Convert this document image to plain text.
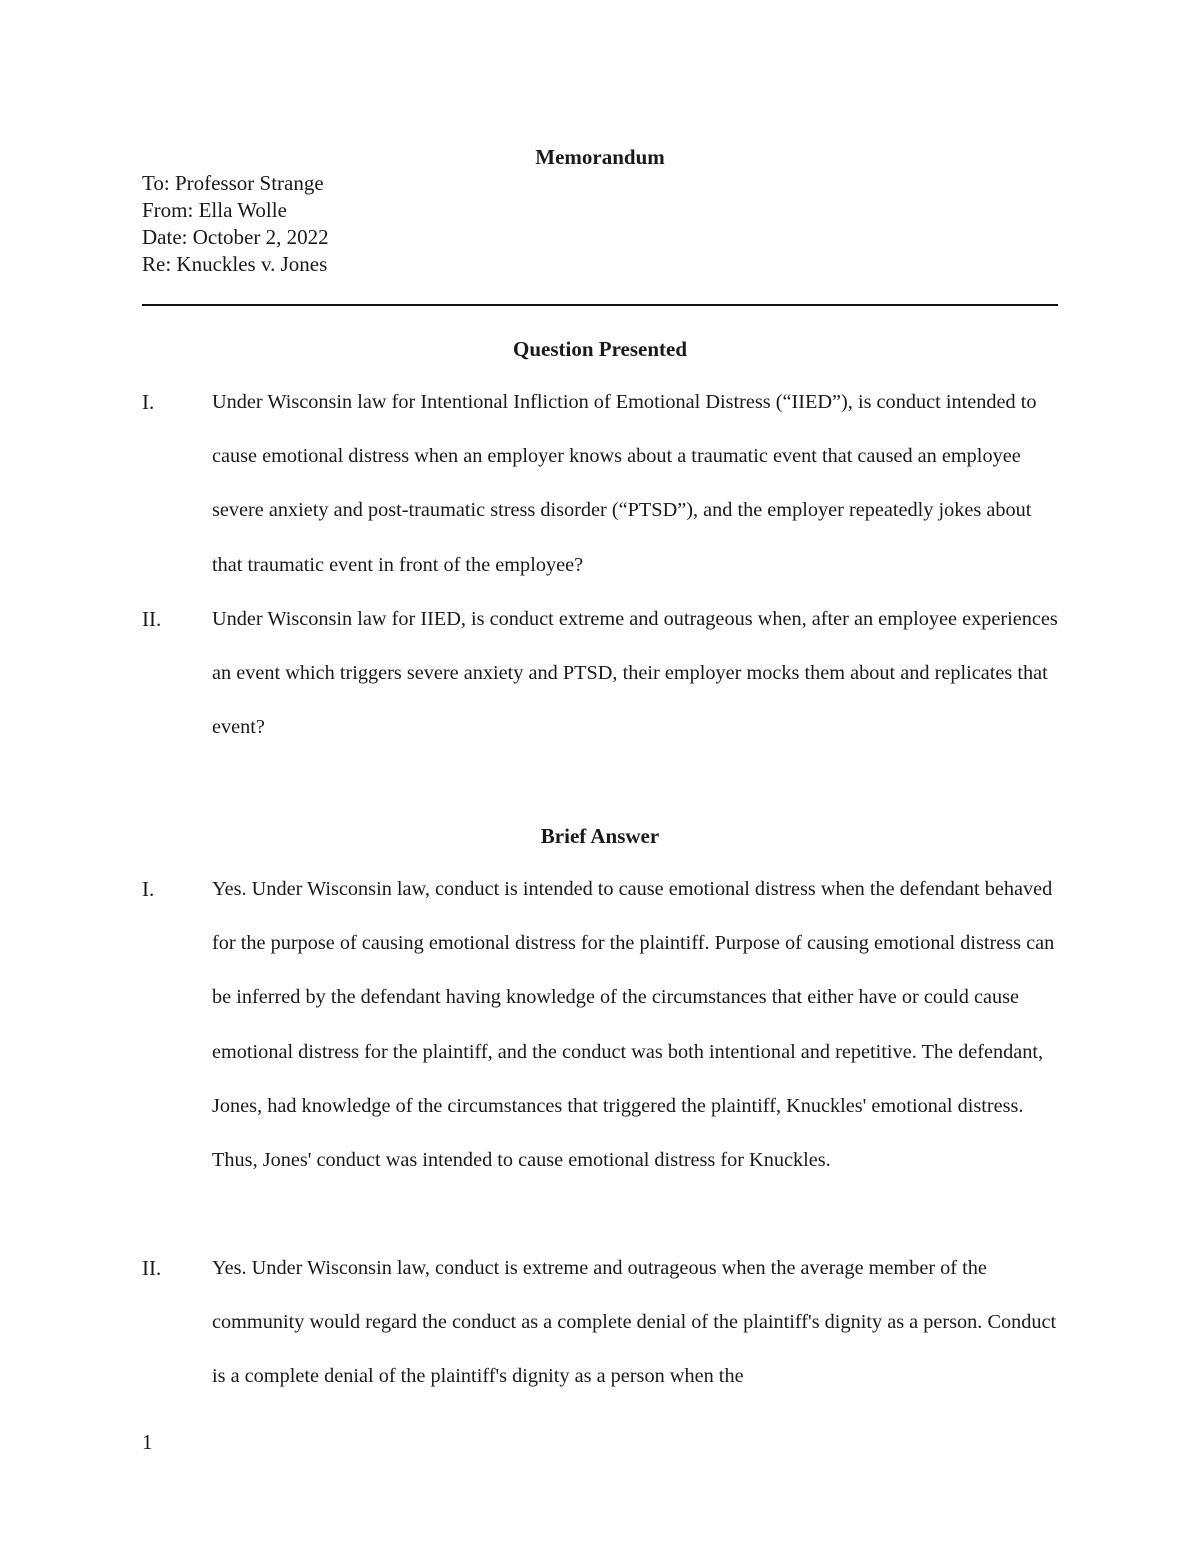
Memorandum
To: Professor Strange
From: Ella Wolle
Date: October 2, 2022
Re: Knuckles v. Jones
Question Presented
I.	Under Wisconsin law for Intentional Infliction of Emotional Distress (“IIED”), is conduct intended to cause emotional distress when an employer knows about a traumatic event that caused an employee severe anxiety and post-traumatic stress disorder (“PTSD”), and the employer repeatedly jokes about that traumatic event in front of the employee?

II.	Under Wisconsin law for IIED, is conduct extreme and outrageous when, after an employee experiences an event which triggers severe anxiety and PTSD, their employer mocks them about and replicates that event?

Brief Answer
I.	Yes. Under Wisconsin law, conduct is intended to cause emotional distress when the defendant behaved for the purpose of causing emotional distress for the plaintiff. Purpose of causing emotional distress can be inferred by the defendant having knowledge of the circumstances that either have or could cause emotional distress for the plaintiff, and the conduct was both intentional and repetitive. The defendant, Jones, had knowledge of the circumstances that triggered the plaintiff, Knuckles' emotional distress. Thus, Jones' conduct was intended to cause emotional distress for Knuckles.

II.	Yes. Under Wisconsin law, conduct is extreme and outrageous when the average member of the community would regard the conduct as a complete denial of the plaintiff's dignity as a person. Conduct is a complete denial of the plaintiff's dignity as a person when the

1
